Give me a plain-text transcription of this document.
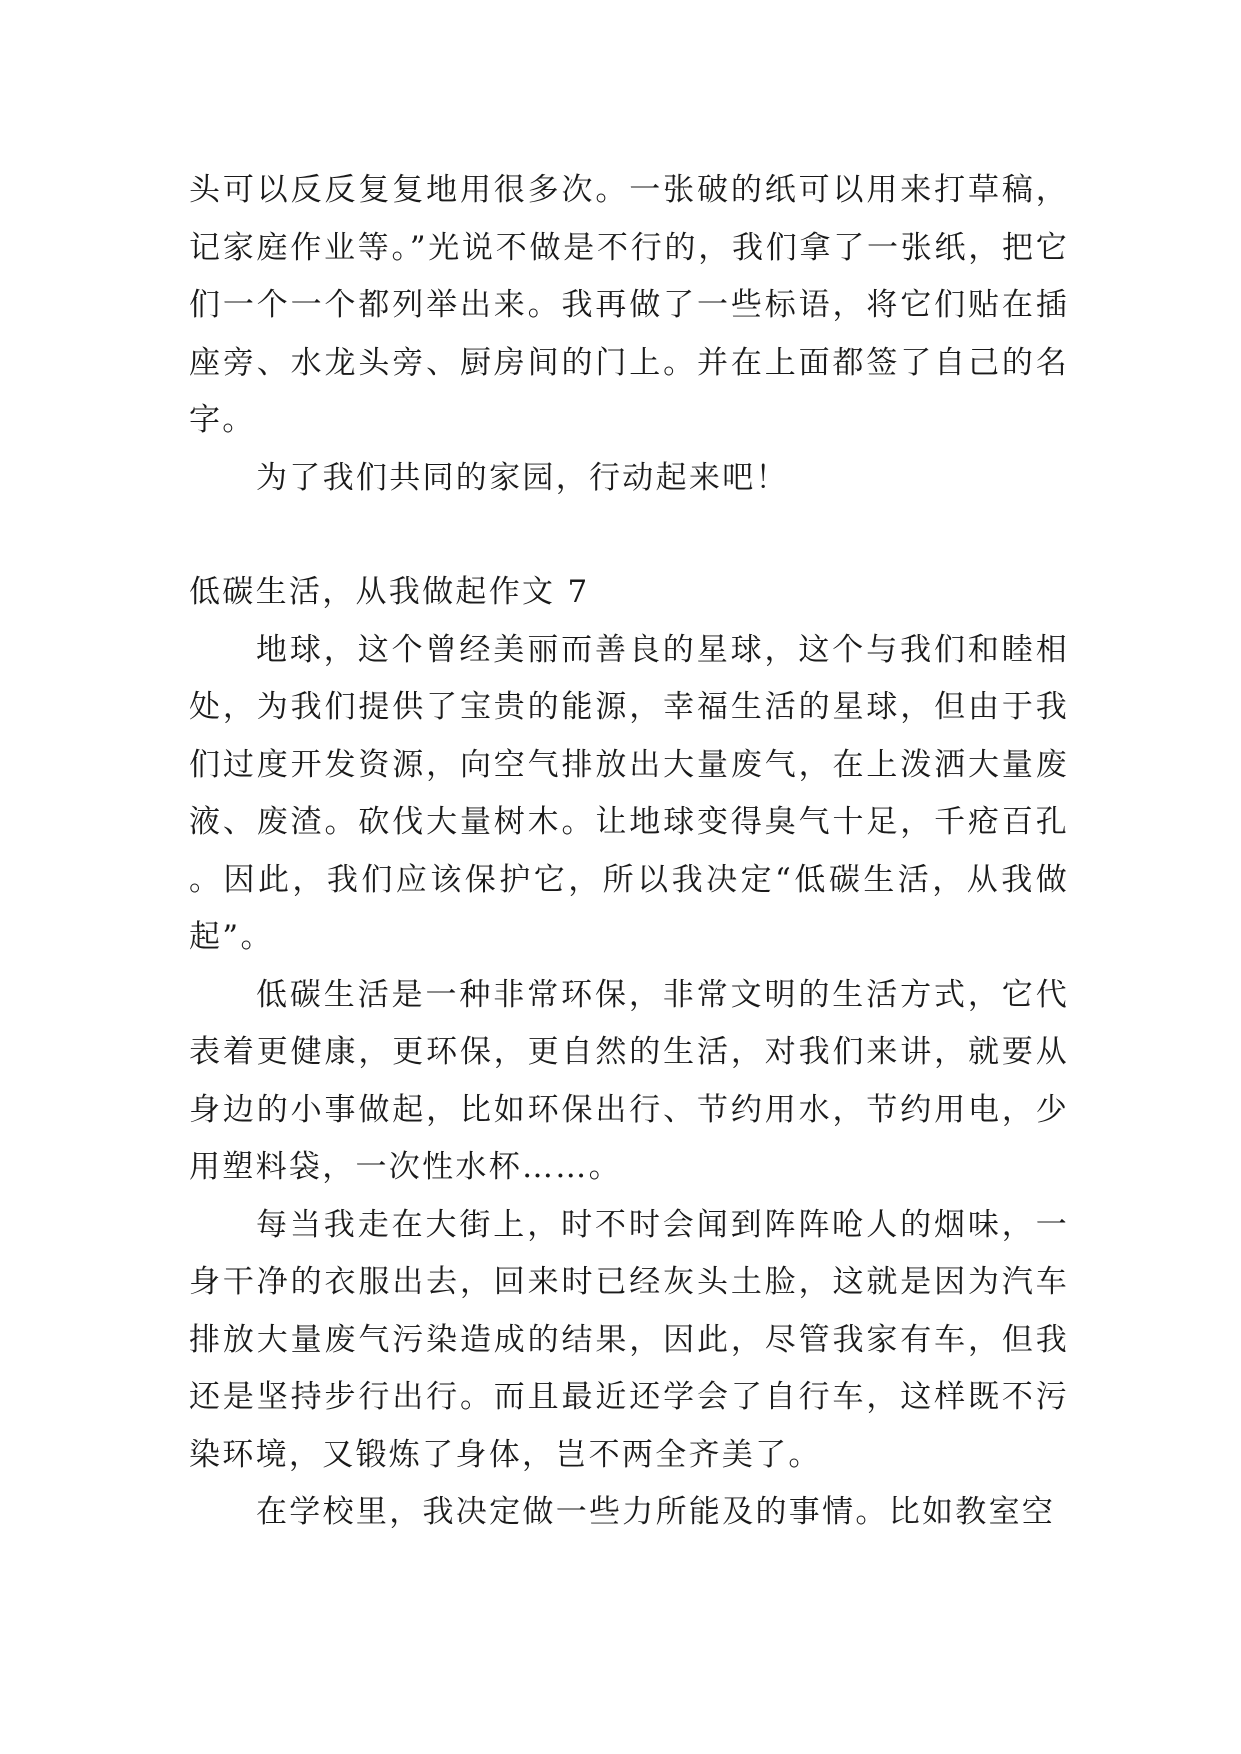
头可以反反复复地用很多次。一张破的纸可以用来打草稿，记家庭作业等。”光说不做是不行的，我们拿了一张纸，把它们一个一个都列举出来。我再做了一些标语，将它们贴在插座旁、水龙头旁、厨房间的门上。并在上面都签了自己的名字。

为了我们共同的家园，行动起来吧！

低碳生活，从我做起作文 7

地球，这个曾经美丽而善良的星球，这个与我们和睦相处，为我们提供了宝贵的能源，幸福生活的星球，但由于我们过度开发资源，向空气排放出大量废气，在上泼洒大量废液、废渣。砍伐大量树木。让地球变得臭气十足，千疮百孔。因此，我们应该保护它，所以我决定“低碳生活，从我做起”。

低碳生活是一种非常环保，非常文明的生活方式，它代表着更健康，更环保，更自然的生活，对我们来讲，就要从身边的小事做起，比如环保出行、节约用水，节约用电，少用塑料袋，一次性水杯……。

每当我走在大街上，时不时会闻到阵阵呛人的烟味，一身干净的衣服出去，回来时已经灰头土脸，这就是因为汽车排放大量废气污染造成的结果，因此，尽管我家有车，但我还是坚持步行出行。而且最近还学会了自行车，这样既不污染环境，又锻炼了身体，岂不两全齐美了。

在学校里，我决定做一些力所能及的事情。比如教室空
